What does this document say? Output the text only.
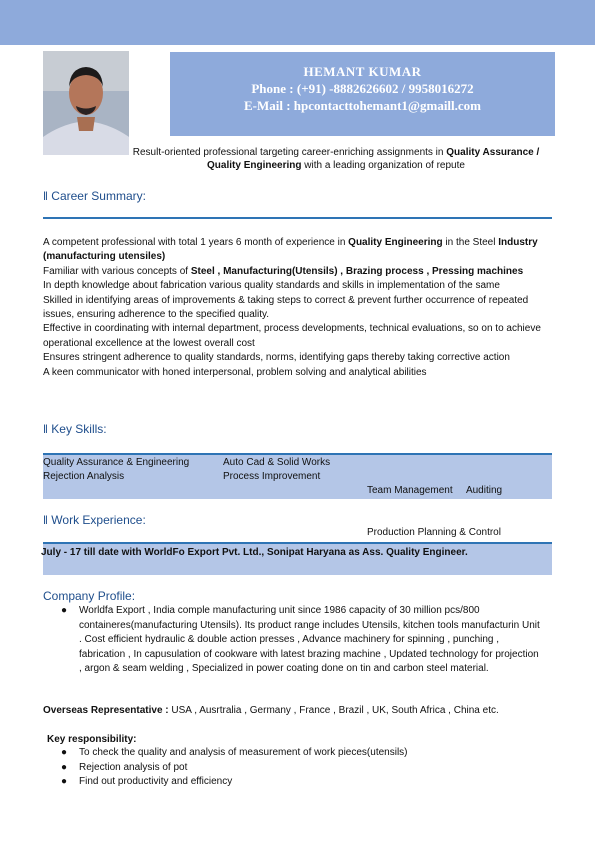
HEMANT KUMAR
Phone : (+91) -8882626602 / 9958016272
E-Mail : hpcontacttohemant1@gmaill.com
Result-oriented professional targeting career-enriching assignments in Quality Assurance / Quality Engineering with a leading organization of repute
ǁ Career Summary:

A competent professional with total 1 years 6 month of experience in Quality Engineering in the Steel Industry (manufacturing utensiles)

Familiar with various concepts of Steel , Manufacturing(Utensils) , Brazing process , Pressing machines

In depth knowledge about fabrication various quality standards and skills in implementation of the same

Skilled in identifying areas of improvements & taking steps to correct & prevent further occurrence of repeated issues, ensuring adherence to the specified quality.

Effective in coordinating with internal department, process developments, technical evaluations, so on to achieve operational excellence at the lowest overall cost

Ensures stringent adherence to quality standards, norms, identifying gaps thereby taking corrective action

A keen communicator with honed interpersonal, problem solving and analytical abilities

ǁ Key Skills:
Quality Assurance & Engineering
Rejection Analysis
Auto Cad & Solid Works
Process Improvement

Team Management     Auditing

Production Planning & Control

ǁ Work Experience:
July - 17 till date with WorldFo Export Pvt. Ltd., Sonipat Haryana as Ass. Quality Engineer.
Company Profile:
● Worldfa Export , India comple manufacturing unit since 1986 capacity of 30 million pcs/800 containeres(manufacturing Utensils). Its product range includes Utensils, kitchen tools manufacturin Unit . Cost efficient hydraulic & double action presses , Advance machinery for spinning , punching , fabrication , In capusulation of cookware with latest brazing machine , Updated technology for projection , argon & seam welding , Specialized in power coating done on tin and carbon steel material.
Overseas Representative : USA , Ausrtralia , Germany , France , Brazil , UK, South Africa , China etc.
Key responsibility:
● To check the quality and analysis of measurement of work pieces(utensils)
● Rejection analysis of pot
● Find out productivity and efficiency
